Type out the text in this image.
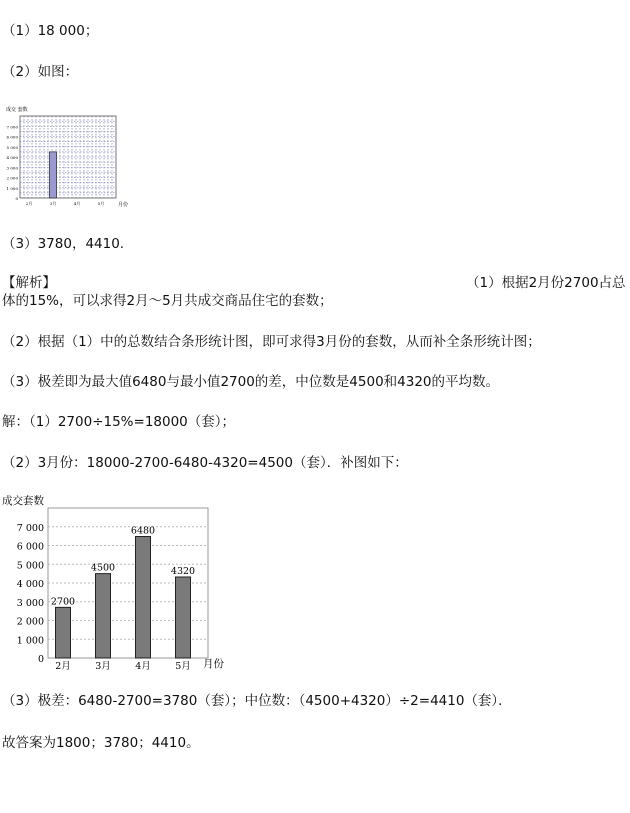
（1）18 000；
（2）如图：
成交 套数
0
1 000
2 000
3 000
4 000
5 000
6 000
7 000
2月	3月	4月	5月	月份
（3）3780，4410.
【解析】	（1）根据2月份2700占总
体的15%，可以求得2月～5月共成交商品住宅的套数；
（2）根据（1）中的总数结合条形统计图，即可求得3月份的套数，从而补全条形统计图；
（3）极差即为最大值6480与最小值2700的差，中位数是4500和4320的平均数。
解：（1）2700÷15%=18000（套）；
（2）3月份：18000-2700-6480-4320=4500（套）．补图如下：
成交套数
0
1 000
2 000
3 000
4 000
5 000
6 000
7 000
2700
4500
6480
4320
2月	3月	4月	5月 月份
（3）极差：6480-2700=3780（套）；中位数：（4500+4320）÷2=4410（套）．
故答案为1800；3780；4410。
